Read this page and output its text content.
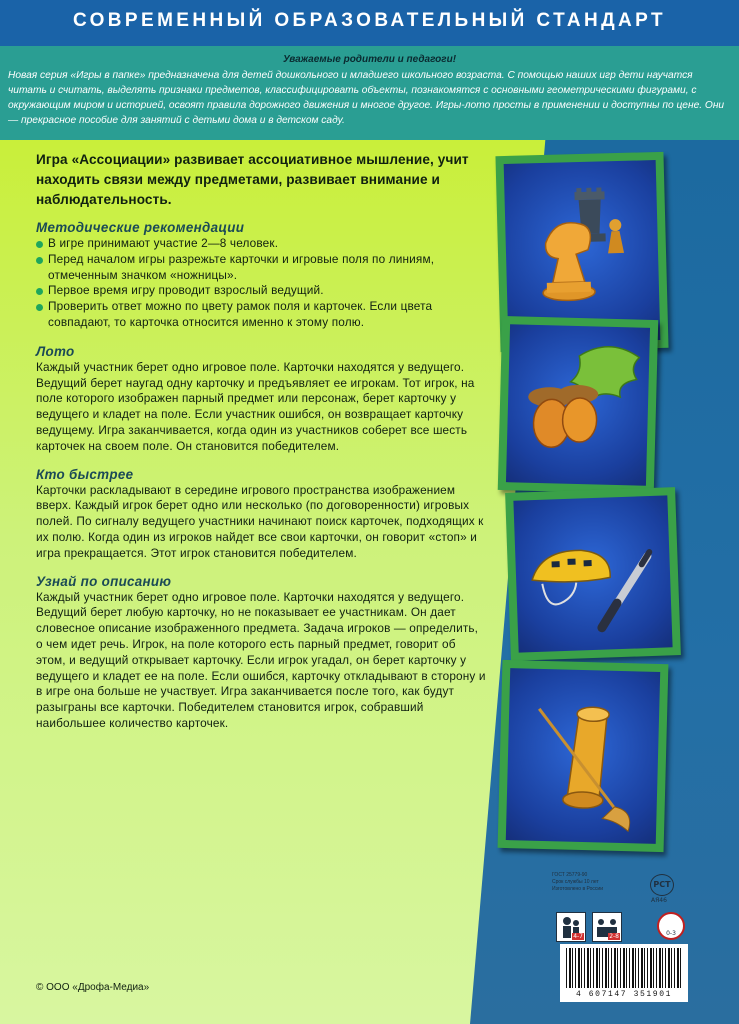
СОВРЕМЕННЫЙ ОБРАЗОВАТЕЛЬНЫЙ СТАНДАРТ
Уважаемые родители и педагоги!
Новая серия «Игры в папке» предназначена для детей дошкольного и младшего школьного возраста. С помощью наших игр дети научатся читать и считать, выделять признаки предметов, классифицировать объекты, познакомятся с основными геометрическими фигурами, с окружающим миром и историей, освоят правила дорожного движения и многое другое. Игры-лото просты в применении и доступны по цене. Они — прекрасное пособие для занятий с детьми дома и в детском саду.

Игра «Ассоциации» развивает ассоциативное мышление, учит находить связи между предметами, развивает внимание и наблюдательность.

Методические рекомендации
В игре принимают участие 2—8 человек.
Перед началом игры разрежьте карточки и игровые поля по линиям, отмеченным значком «ножницы».
Первое время игру проводит взрослый ведущий.
Проверить ответ можно по цвету рамок поля и карточек. Если цвета совпадают, то карточка относится именно к этому полю.
Лото

Каждый участник берет одно игровое поле. Карточки находятся у ведущего. Ведущий берет наугад одну карточку и предъявляет ее игрокам. Тот игрок, на поле которого изображен парный предмет или персонаж, берет карточку у ведущего и кладет на поле. Если участник ошибся, он возвращает карточку ведущему. Игра заканчивается, когда один из участников соберет все шесть карточек на своем поле. Он становится победителем.

Кто быстрее

Карточки раскладывают в середине игрового пространства изображением вверх. Каждый игрок берет одно или несколько (по договоренности) игровых полей. По сигналу ведущего участники начинают поиск карточек, подходящих к их полю. Когда один из игроков найдет все свои карточки, он говорит «стоп» и игра прекращается. Этот игрок становится победителем.

Узнай по описанию

Каждый участник берет одно игровое поле. Карточки находятся у ведущего. Ведущий берет любую карточку, но не показывает ее участникам. Он дает словесное описание изображенного предмета. Задача игроков — определить, о чем идет речь. Игрок, на поле которого есть парный предмет, говорит об этом, и ведущий открывает карточку. Если игрок угадал, он берет карточку у ведущего и кладет ее на поле. Если ошибся, карточку откладывают в сторону и в игре она больше не участвует. Игра заканчивается после того, как будут разыграны все карточки. Победителем становится игрок, собравший наибольшее количество карточек.

ГОСТ 25779-90
Срок службы 10 лет
Изготовлено в России	РСТ
АЯ46
4-7	2-8	0-3
4 607147 351901
© ООО «Дрофа-Медиа»
